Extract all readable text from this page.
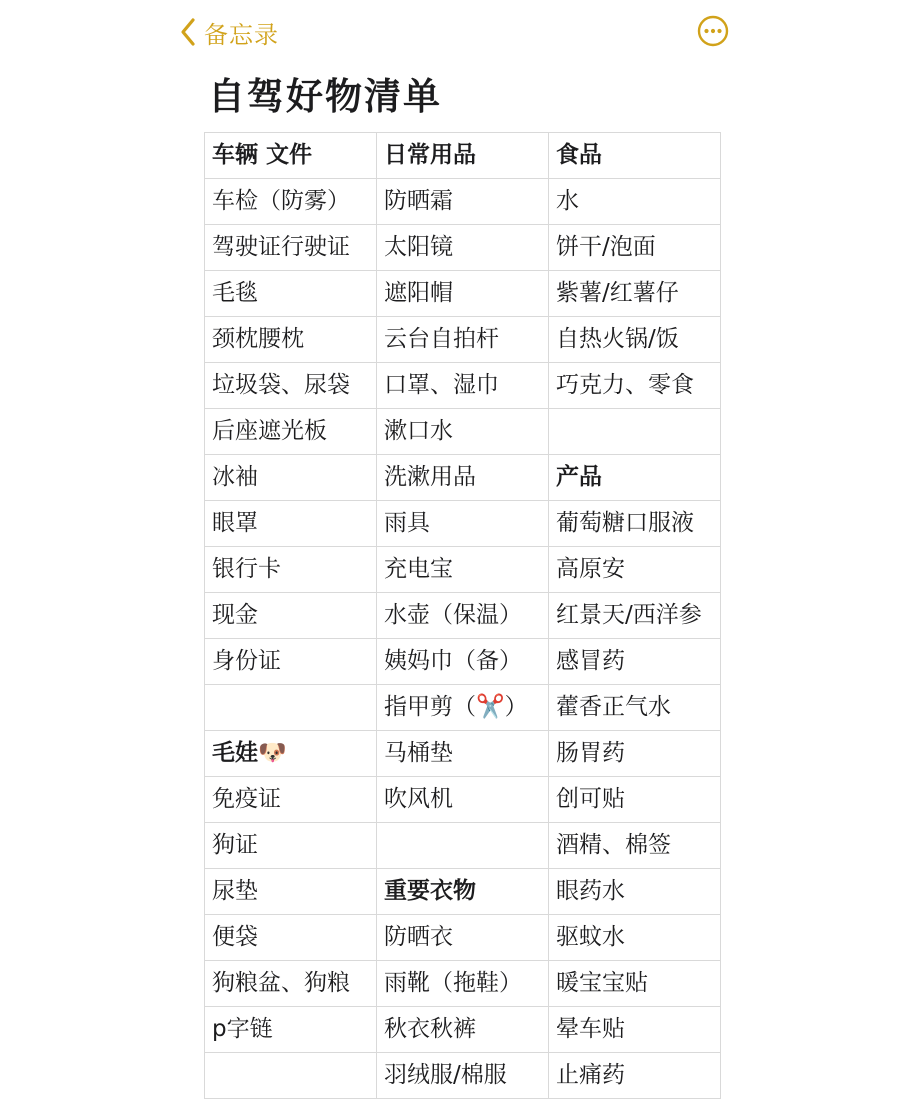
备忘录
自驾好物清单
车辆 文件	日常用品	食品
车检（防雾）	防晒霜	水
驾驶证行驶证	太阳镜	饼干/泡面
毛毯	遮阳帽	紫薯/红薯仔
颈枕腰枕	云台自拍杆	自热火锅/饭
垃圾袋、尿袋	口罩、湿巾	巧克力、零食
后座遮光板	漱口水	
冰袖	洗漱用品	产品
眼罩	雨具	葡萄糖口服液
银行卡	充电宝	高原安
现金	水壶（保温）	红景天/西洋参
身份证	姨妈巾（备）	感冒药
	指甲剪（✂️）	藿香正气水
毛娃🐶	马桶垫	肠胃药
免疫证	吹风机	创可贴
狗证		酒精、棉签
尿垫	重要衣物	眼药水
便袋	防晒衣	驱蚊水
狗粮盆、狗粮	雨靴（拖鞋）	暖宝宝贴
p字链	秋衣秋裤	晕车贴
	羽绒服/棉服	止痛药
